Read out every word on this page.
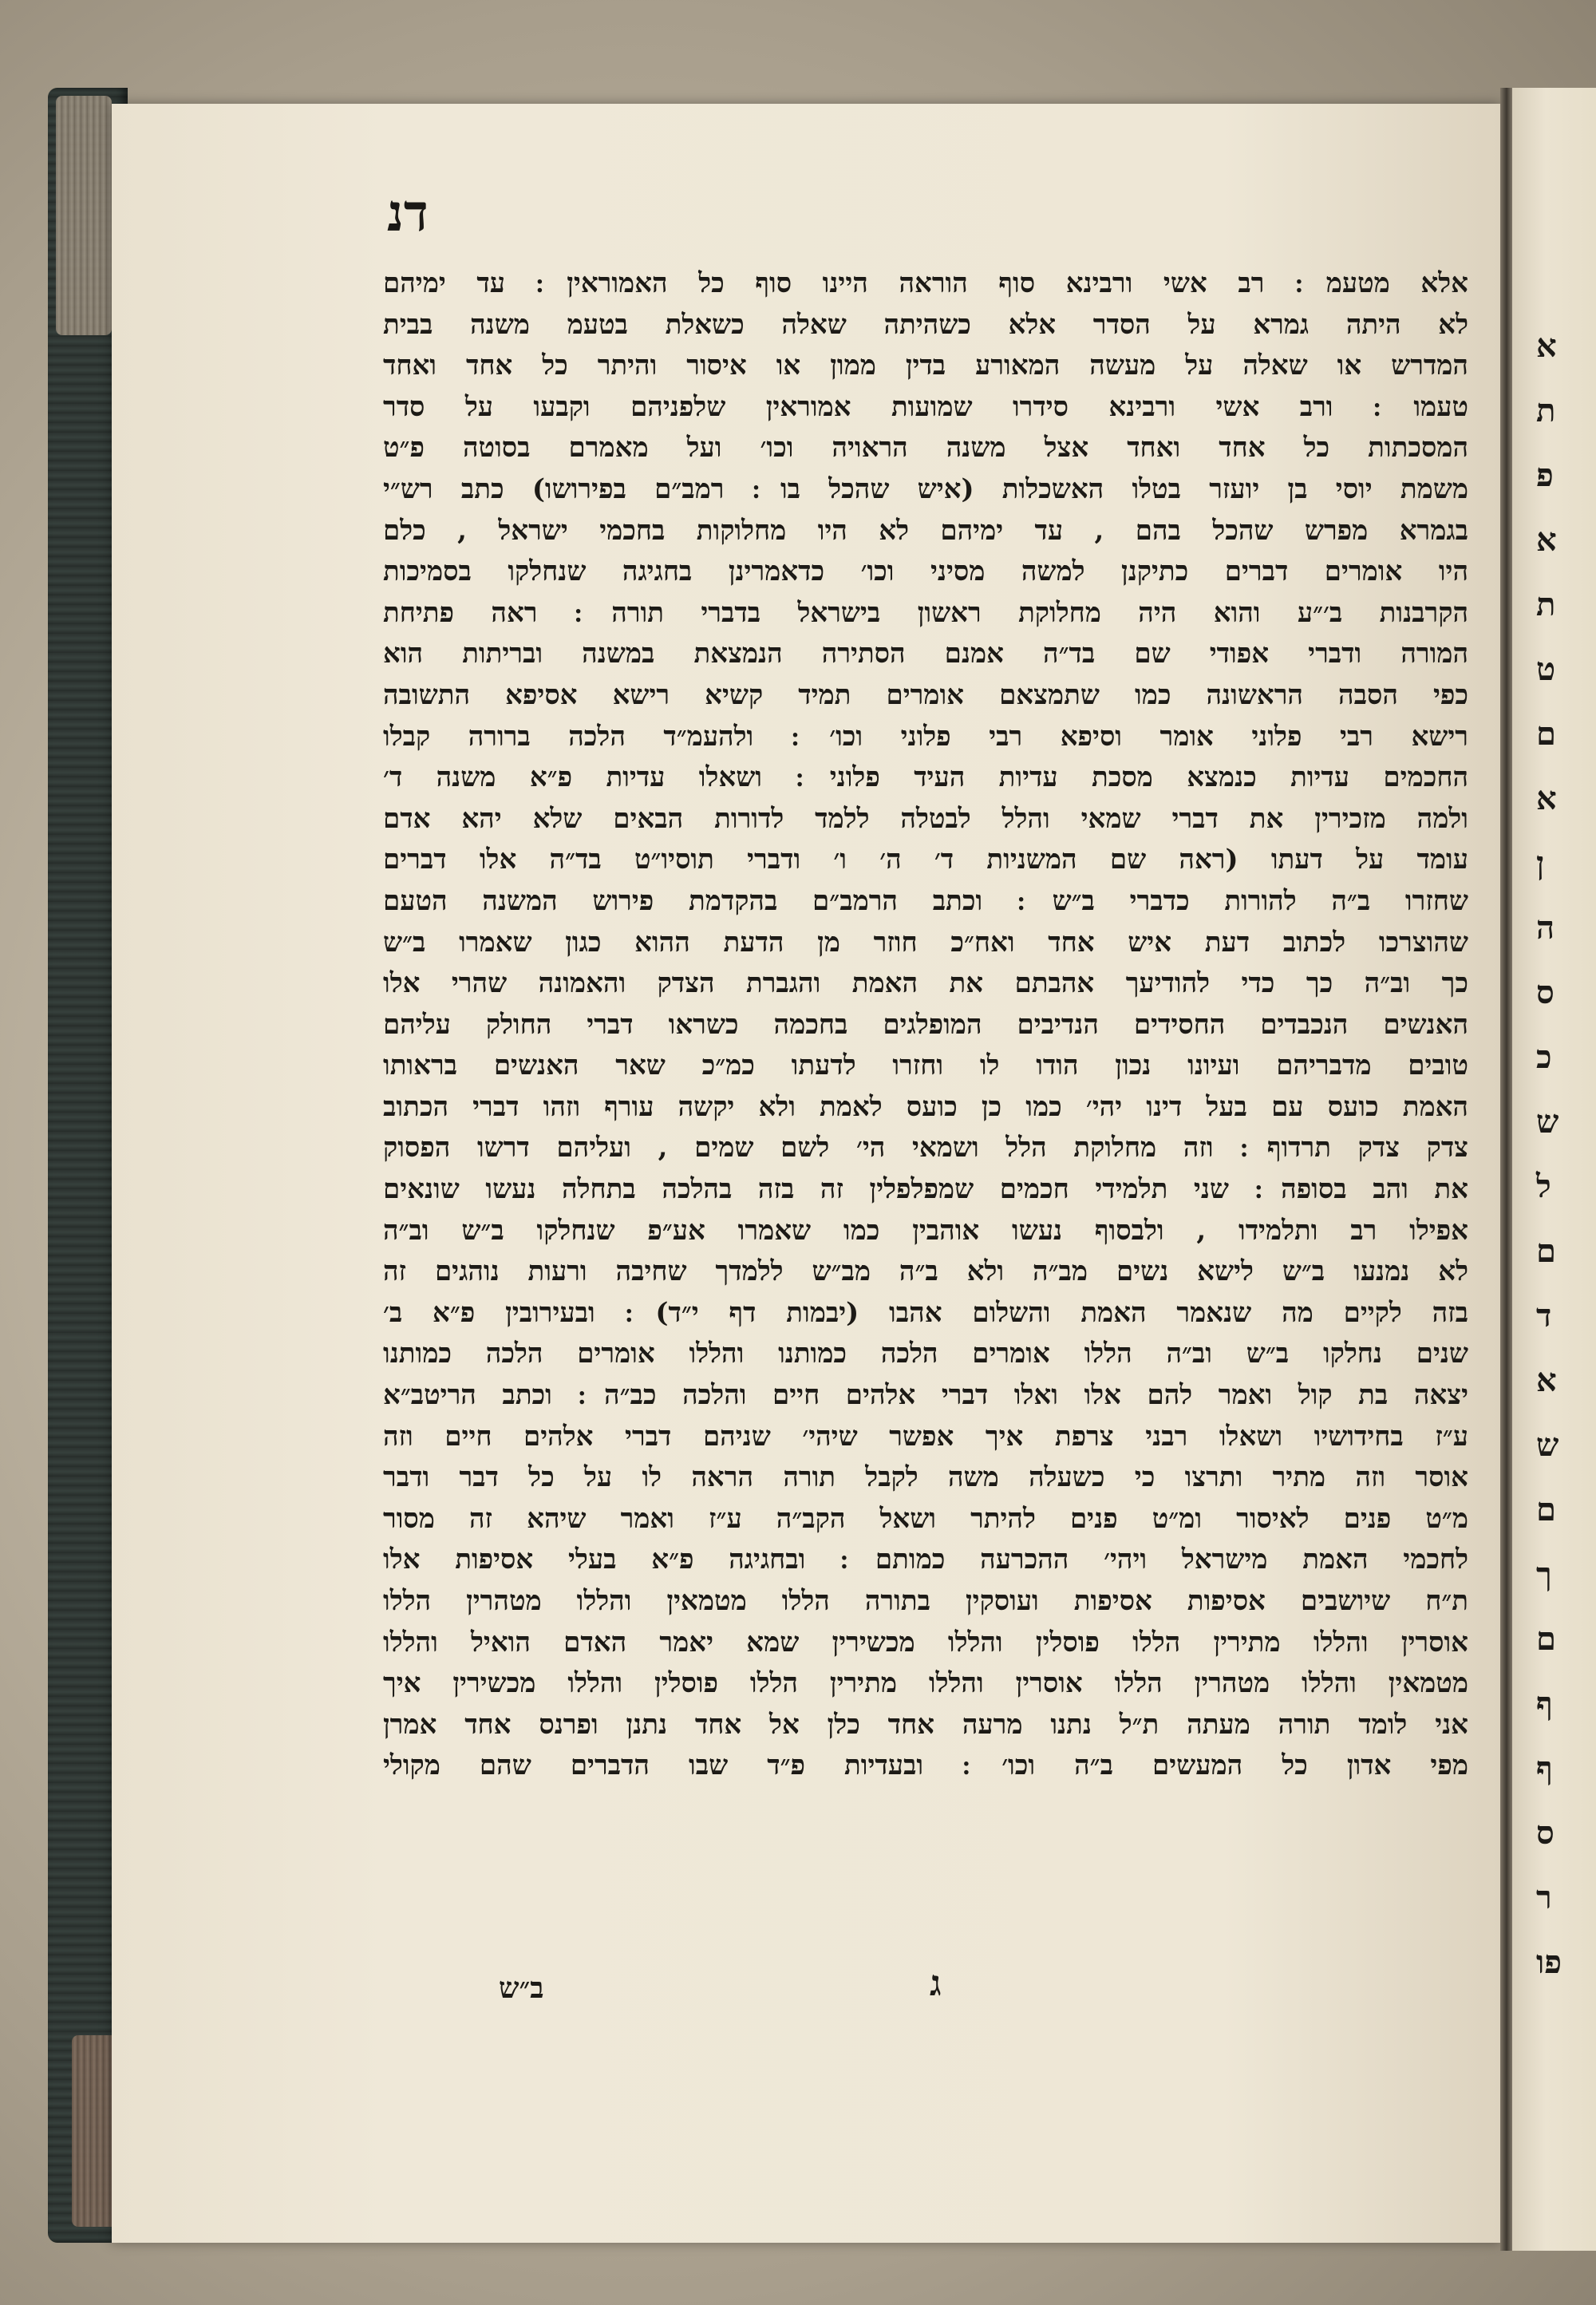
א
ת
פ
א
ת
ט
ם
א
ן
ה
ס
כ
ש
ל
ם
ד
א
ש
ם
ך
ם
ף
ף
ס
ר
פו
דנ
אלא מטעמ ׃ רב אשי ורבינא סוף הוראה היינו סוף כל האמוראין ׃ עד ימיהם
לא היתה גמרא על הסדר אלא כשהיתה שאלה כשאלת בטעמ משנה בבית
המדרש או שאלה על מעשה המאורע בדין ממון או איסור והיתר כל אחד ואחד
טעמו ׃ ורב אשי ורבינא סידרו שמועות אמוראין שלפניהם וקבעו על סדר
המסכתות כל אחד ואחד אצל משנה הראויה וכו׳ ועל מאמרם בסוטה פ״ט
משמת יוסי בן יועזר בטלו האשכלות (איש שהכל בו ׃ רמב״ם בפירושו) כתב רש״י
בגמרא מפרש שהכל בהם , עד ימיהם לא היו מחלוקות בחכמי ישראל , כלם
היו אומרים דברים כתיקנן למשה מסיני וכו׳ כדאמרינן בחגיגה שנחלקו בסמיכות
הקרבנות ב׳״ע והוא היה מחלוקת ראשון בישראל בדברי תורה ׃ ראה פתיחת
המורה ודברי אפודי שם בד״ה אמנם הסתירה הנמצאת במשנה ובריתות הוא
כפי הסבה הראשונה כמו שתמצאם אומרים תמיד קשיא רישא אסיפא התשובה
רישא רבי פלוני אומר וסיפא רבי פלוני וכו׳ ׃ ולהעמ״ד הלכה ברורה קבלו
החכמים עדיות כנמצא מסכת עדיות העיד פלוני ׃ ושאלו עדיות פ״א משנה ד׳
ולמה מזכירין את דברי שמאי והלל לבטלה ללמד לדורות הבאים שלא יהא אדם
עומד על דעתו (ראה שם המשניות ד׳ ה׳ ו׳ ודברי תוסיו״ט בד״ה אלו דברים
שחזרו ב״ה להורות כדברי ב״ש ׃ וכתב הרמב״ם בהקדמת פירוש המשנה הטעם
שהוצרכו לכתוב דעת איש אחד ואח״כ חוזר מן הדעת ההוא כגון שאמרו ב״ש
כך וב״ה כך כדי להודיעך אהבתם את האמת והגברת הצדק והאמונה שהרי אלו
האנשים הנכבדים החסידים הנדיבים המופלגים בחכמה כשראו דברי החולק עליהם
טובים מדבריהם ועיונו נכון הודו לו וחזרו לדעתו כמ״כ שאר האנשים בראותו
האמת כועס עם בעל דינו יהי׳ כמו כן כועס לאמת ולא יקשה עורף וזהו דברי הכתוב
צדק צדק תרדוף ׃ וזה מחלוקת הלל ושמאי הי׳ לשם שמים , ועליהם דרשו הפסוק
את והב בסופה ׃ שני תלמידי חכמים שמפלפלין זה בזה בהלכה בתחלה נעשו שונאים
אפילו רב ותלמידו , ולבסוף נעשו אוהבין כמו שאמרו אע״פ שנחלקו ב״ש וב״ה
לא נמנעו ב״ש לישא נשים מב״ה ולא ב״ה מב״ש ללמדך שחיבה ורעות נוהגים זה
בזה לקיים מה שנאמר האמת והשלום אהבו (יבמות דף י״ד) ׃ ובעירובין פ״א ב׳
שנים נחלקו ב״ש וב״ה הללו אומרים הלכה כמותנו והללו אומרים הלכה כמותנו
יצאה בת קול ואמר להם אלו ואלו דברי אלהים חיים והלכה כב״ה ׃ וכתב הריטב״א
ע״ז בחידושיו ושאלו רבני צרפת איך אפשר שיהי׳ שניהם דברי אלהים חיים וזה
אוסר וזה מתיר ותרצו כי כשעלה משה לקבל תורה הראה לו על כל דבר ודבר
מ״ט פנים לאיסור ומ״ט פנים להיתר ושאל הקב״ה ע״ז ואמר שיהא זה מסור
לחכמי האמת מישראל ויהי׳ ההכרעה כמותם ׃ ובחגיגה פ״א בעלי אסיפות אלו
ת״ח שיושבים אסיפות אסיפות ועוסקין בתורה הללו מטמאין והללו מטהרין הללו
אוסרין והללו מתירין הללו פוסלין והללו מכשירין שמא יאמר האדם הואיל והללו
מטמאין והללו מטהרין הללו אוסרין והללו מתירין הללו פוסלין והללו מכשירין איך
אני לומד תורה מעתה ת״ל נתנו מרעה אחד כלן אל אחד נתנן ופרנס אחד אמרן
מפי אדון כל המעשים ב״ה וכו׳ ׃ ובעדיות פ״ד שבו הדברים שהם מקולי
ב״ש	ג
